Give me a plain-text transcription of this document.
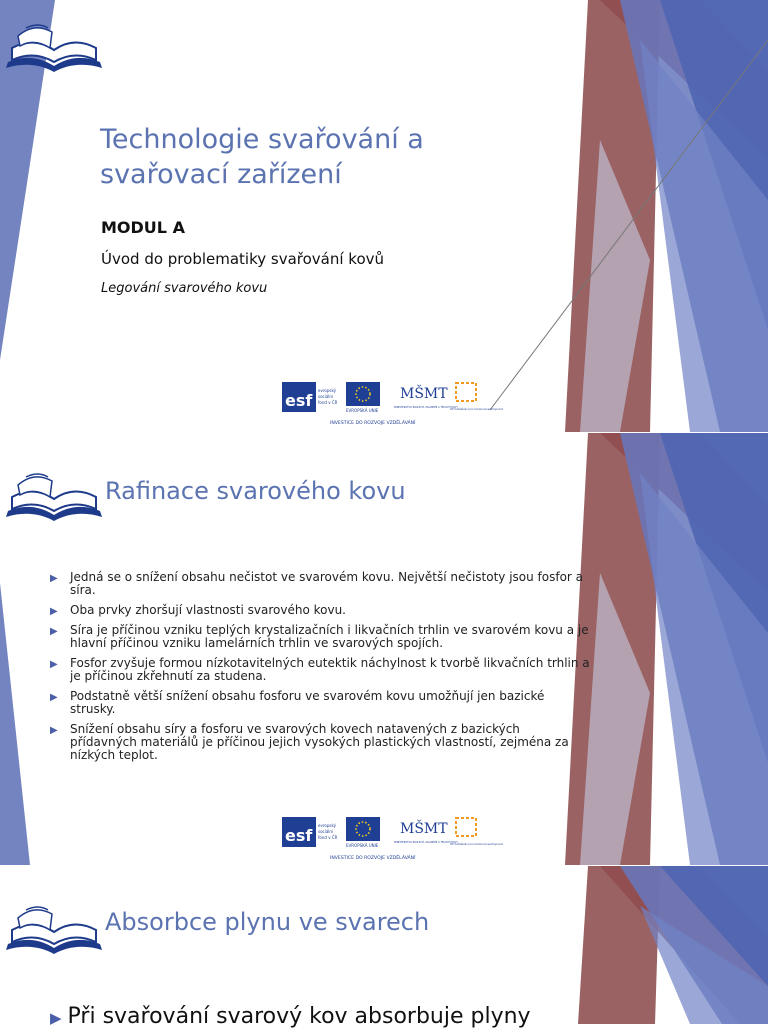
Technologie svařování a svařovací zařízení
MODUL A
Úvod do problematiky svařování kovů
Legování svarového kovu
esf
evropský
sociální
fond v ČR
EVROPSKÁ UNIE
MŠMT
MINISTERSTVO ŠKOLSTVÍ, MLÁDEŽE A TĚLOVÝCHOVY
OP Vzdělávání pro konkurenceschopnost
INVESTICE DO ROZVOJE VZDĚLÁVÁNÍ
Rafinace svarového kovu
▶ Jedná se o snížení obsahu nečistot ve svarovém kovu. Největší nečistoty jsou fosfor a síra.
▶ Oba prvky zhoršují vlastnosti svarového kovu.
▶ Síra je příčinou vzniku teplých krystalizačních i likvačních trhlin ve svarovém kovu a je hlavní příčinou vzniku lamelárních trhlin ve svarových spojích.
▶ Fosfor zvyšuje formou nízkotavitelných eutektik náchylnost k tvorbě likvačních trhlin a je příčinou zkřehnutí za studena.
▶ Podstatně větší snížení obsahu fosforu ve svarovém kovu umožňují jen bazické strusky.
▶ Snížení obsahu síry a fosforu ve svarových kovech natavených z bazických přídavných materiálů je příčinou jejich vysokých plastických vlastností, zejména za nízkých teplot.
esf
evropský
sociální
fond v ČR
EVROPSKÁ UNIE
MŠMT
MINISTERSTVO ŠKOLSTVÍ, MLÁDEŽE A TĚLOVÝCHOVY
OP Vzdělávání pro konkurenceschopnost
INVESTICE DO ROZVOJE VZDĚLÁVÁNÍ
Absorbce plynu ve svarech
▶ Při svařování svarový kov absorbuje plyny
